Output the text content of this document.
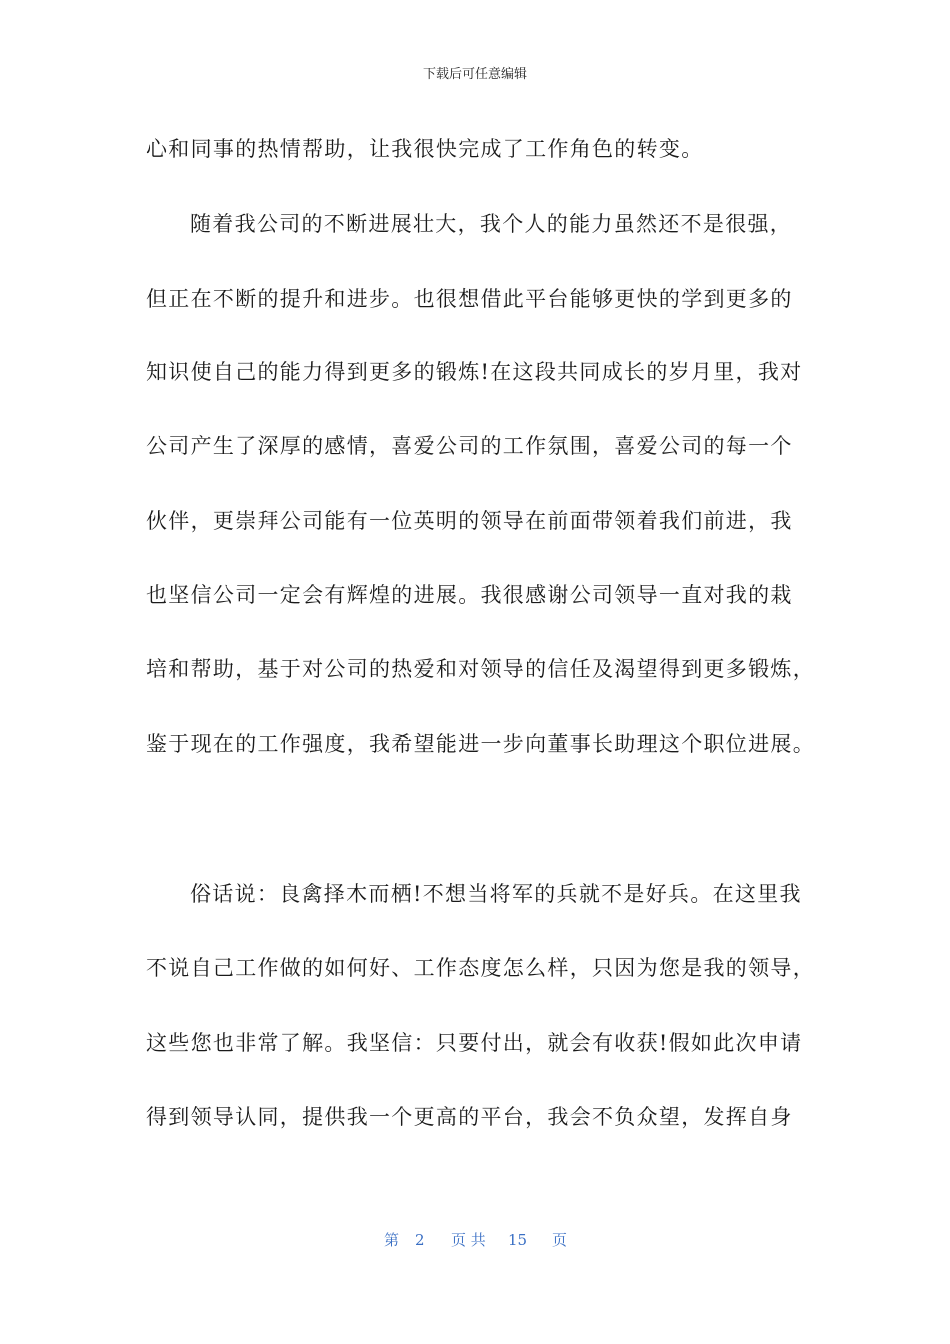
下载后可任意编辑
心和同事的热情帮助，让我很快完成了工作角色的转变。
随着我公司的不断进展壮大，我个人的能力虽然还不是很强，
但正在不断的提升和进步。也很想借此平台能够更快的学到更多的
知识使自己的能力得到更多的锻炼!在这段共同成长的岁月里，我对
公司产生了深厚的感情，喜爱公司的工作氛围，喜爱公司的每一个
伙伴，更崇拜公司能有一位英明的领导在前面带领着我们前进，我
也坚信公司一定会有辉煌的进展。我很感谢公司领导一直对我的栽
培和帮助，基于对公司的热爱和对领导的信任及渴望得到更多锻炼，
鉴于现在的工作强度，我希望能进一步向董事长助理这个职位进展。
俗话说：良禽择木而栖!不想当将军的兵就不是好兵。在这里我
不说自己工作做的如何好、工作态度怎么样，只因为您是我的领导，
这些您也非常了解。我坚信：只要付出，就会有收获!假如此次申请
得到领导认同，提供我一个更高的平台，我会不负众望，发挥自身
第 2 页 共 15 页
